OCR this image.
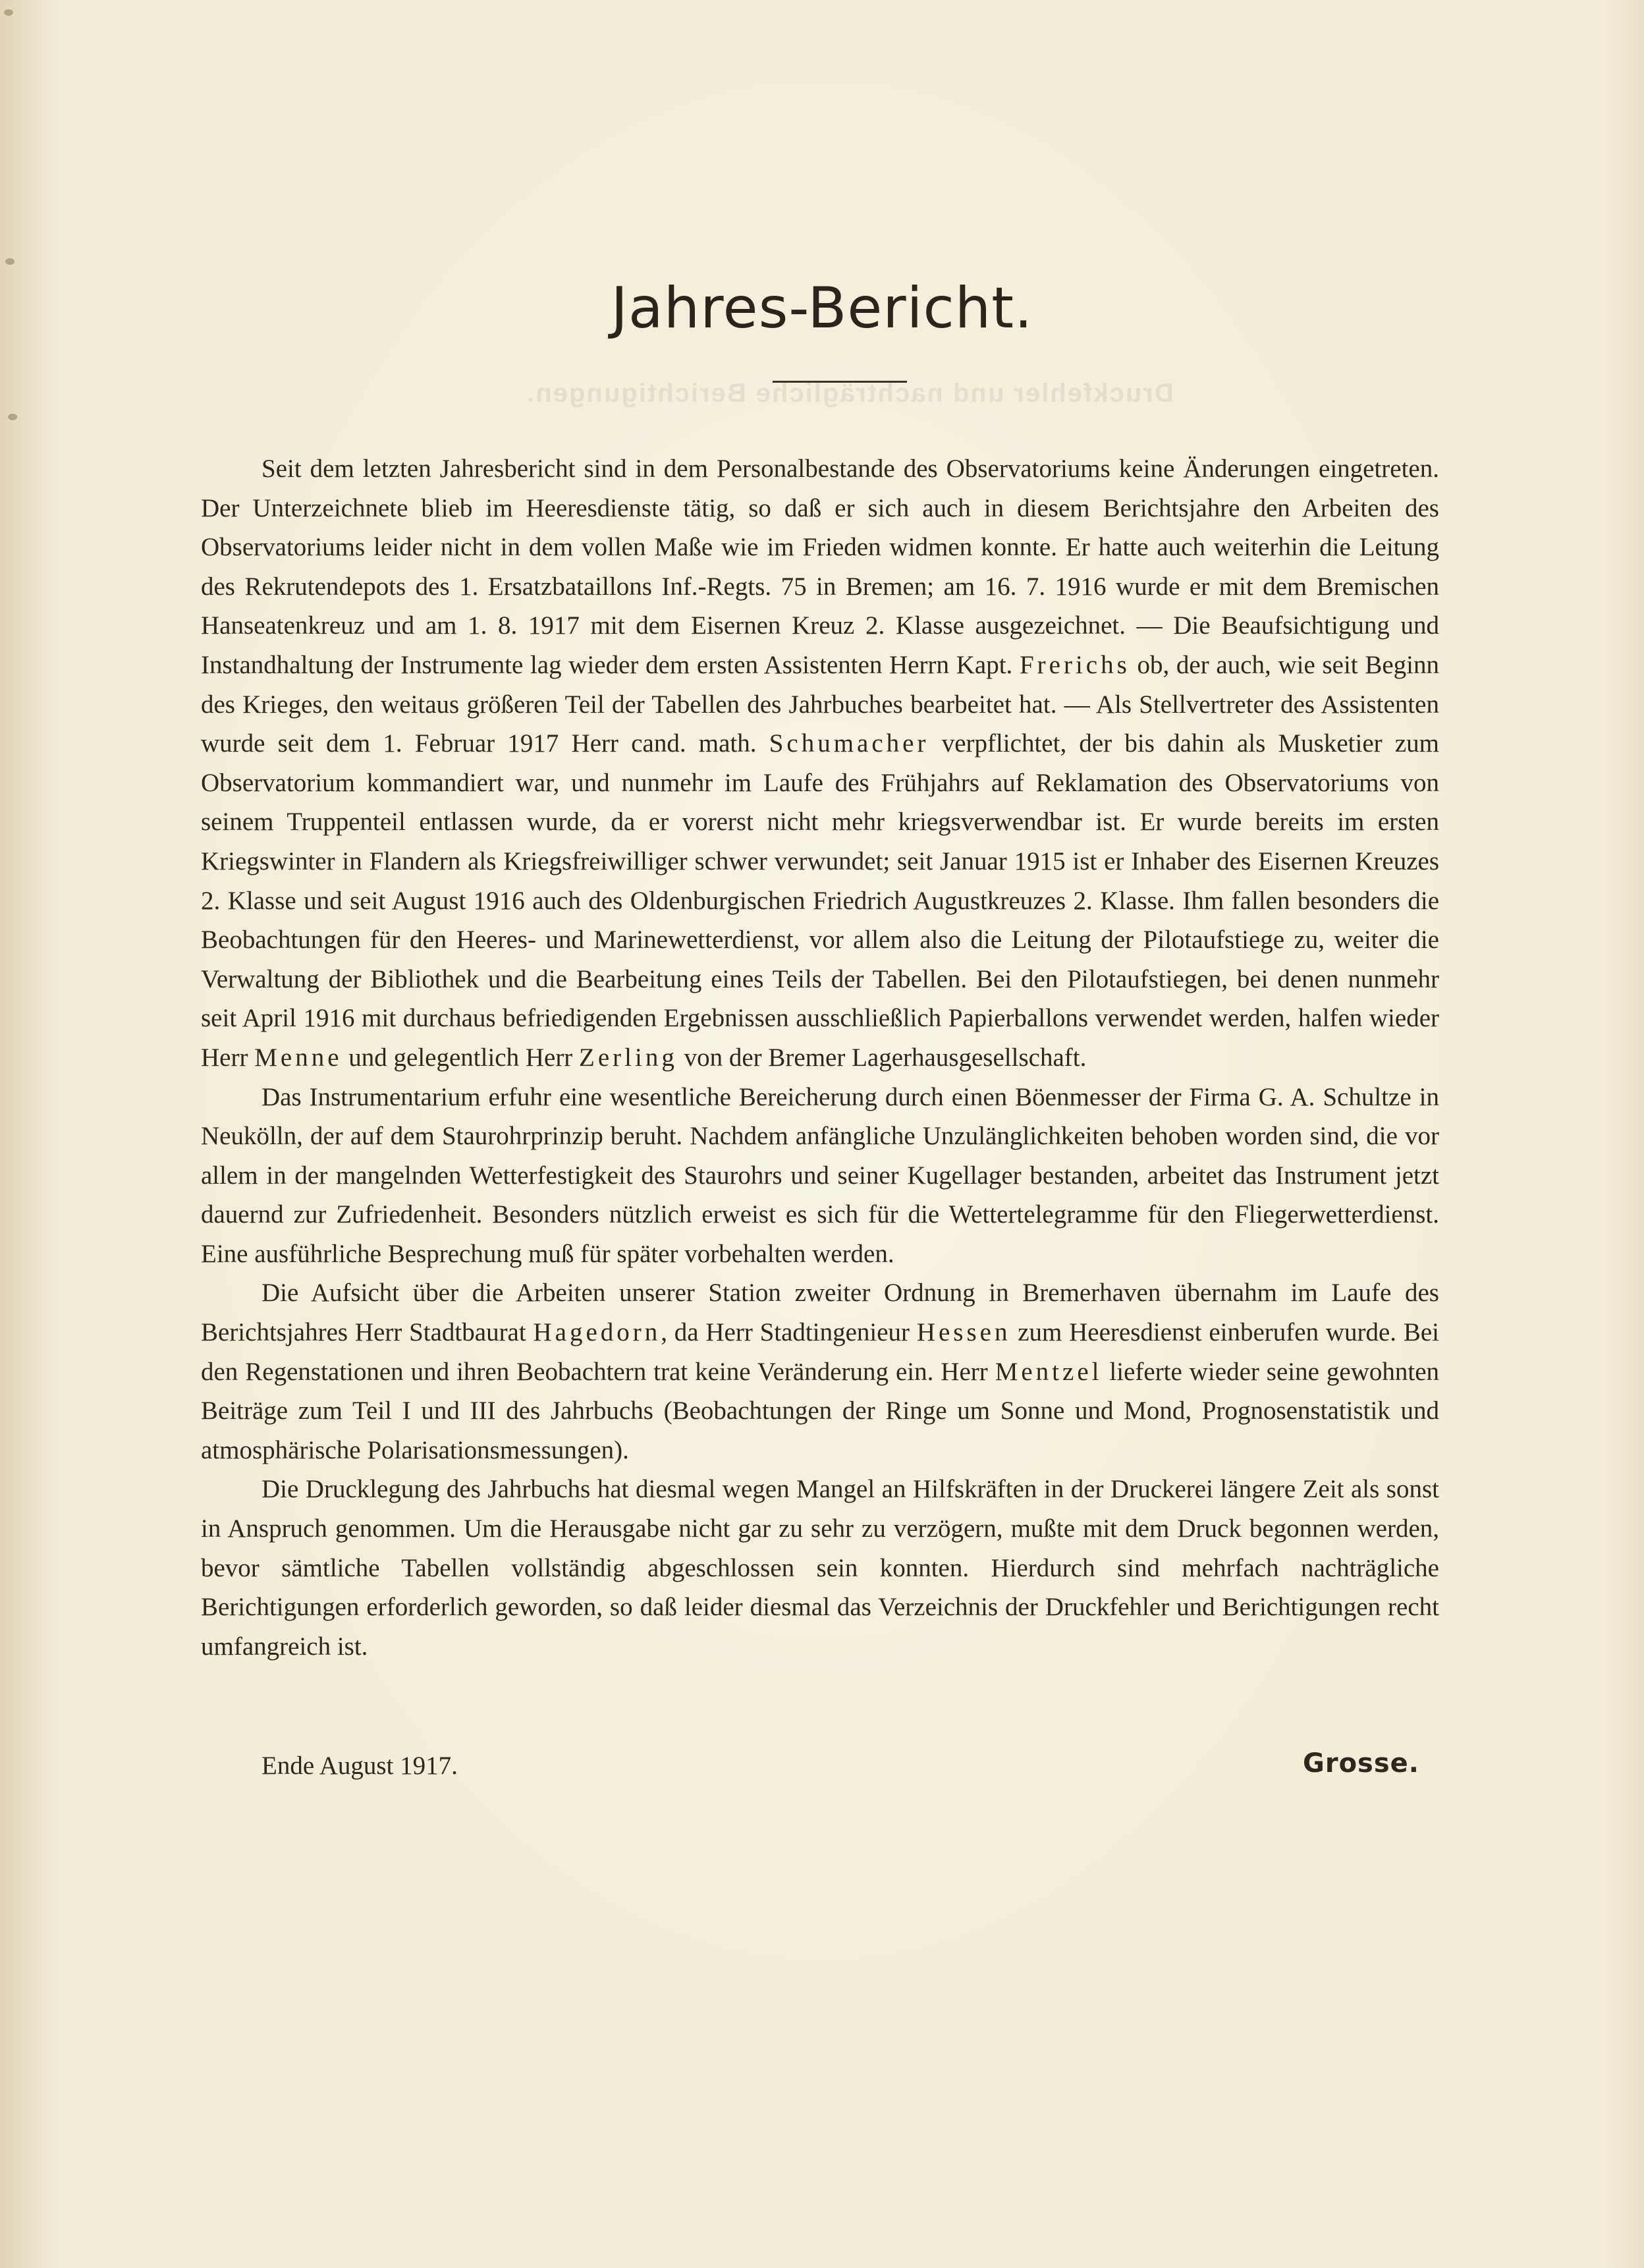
Druckfehler und nachträgliche Berichtigungen.
Jahres-Bericht.

Seit dem letzten Jahresbericht sind in dem Personalbestande des Observatoriums keine Änderungen eingetreten. Der Unterzeichnete blieb im Heeresdienste tätig, so daß er sich auch in diesem Berichtsjahre den Arbeiten des Observatoriums leider nicht in dem vollen Maße wie im Frieden widmen konnte. Er hatte auch weiterhin die Leitung des Rekrutendepots des 1. Ersatzbataillons Inf.-Regts. 75 in Bremen; am 16. 7. 1916 wurde er mit dem Bremischen Hanseatenkreuz und am 1. 8. 1917 mit dem Eisernen Kreuz 2. Klasse ausgezeichnet. — Die Beaufsichtigung und Instandhaltung der Instrumente lag wieder dem ersten Assistenten Herrn Kapt. Frerichs ob, der auch, wie seit Beginn des Krieges, den weitaus größeren Teil der Tabellen des Jahrbuches bearbeitet hat. — Als Stellvertreter des Assistenten wurde seit dem 1. Februar 1917 Herr cand. math. Schumacher verpflichtet, der bis dahin als Musketier zum Observatorium kommandiert war, und nunmehr im Laufe des Frühjahrs auf Reklamation des Observatoriums von seinem Truppenteil entlassen wurde, da er vorerst nicht mehr kriegsverwendbar ist. Er wurde bereits im ersten Kriegswinter in Flandern als Kriegsfreiwilliger schwer verwundet; seit Januar 1915 ist er Inhaber des Eisernen Kreuzes 2. Klasse und seit August 1916 auch des Oldenburgischen Friedrich Augustkreuzes 2. Klasse. Ihm fallen besonders die Beobachtungen für den Heeres- und Marinewetterdienst, vor allem also die Leitung der Pilotaufstiege zu, weiter die Verwaltung der Bibliothek und die Bearbeitung eines Teils der Tabellen. Bei den Pilotaufstiegen, bei denen nunmehr seit April 1916 mit durchaus befriedigenden Ergebnissen ausschließlich Papierballons verwendet werden, halfen wieder Herr Menne und gelegentlich Herr Zerling von der Bremer Lagerhausgesellschaft.

Das Instrumentarium erfuhr eine wesentliche Bereicherung durch einen Böenmesser der Firma G. A. Schultze in Neukölln, der auf dem Staurohrprinzip beruht. Nachdem anfängliche Unzulänglichkeiten behoben worden sind, die vor allem in der mangelnden Wetterfestigkeit des Staurohrs und seiner Kugellager bestanden, arbeitet das Instrument jetzt dauernd zur Zufriedenheit. Besonders nützlich erweist es sich für die Wettertelegramme für den Fliegerwetterdienst. Eine ausführliche Besprechung muß für später vorbehalten werden.

Die Aufsicht über die Arbeiten unserer Station zweiter Ordnung in Bremerhaven übernahm im Laufe des Berichtsjahres Herr Stadtbaurat Hagedorn, da Herr Stadtingenieur Hessen zum Heeresdienst einberufen wurde. Bei den Regenstationen und ihren Beobachtern trat keine Veränderung ein. Herr Mentzel lieferte wieder seine gewohnten Beiträge zum Teil I und III des Jahrbuchs (Beobachtungen der Ringe um Sonne und Mond, Prognosenstatistik und atmosphärische Polarisationsmessungen).

Die Drucklegung des Jahrbuchs hat diesmal wegen Mangel an Hilfskräften in der Druckerei längere Zeit als sonst in Anspruch genommen. Um die Herausgabe nicht gar zu sehr zu verzögern, mußte mit dem Druck begonnen werden, bevor sämtliche Tabellen vollständig abgeschlossen sein konnten. Hierdurch sind mehrfach nachträgliche Berichtigungen erforderlich geworden, so daß leider diesmal das Verzeichnis der Druckfehler und Berichtigungen recht umfangreich ist.

Ende August 1917.	Grosse.
